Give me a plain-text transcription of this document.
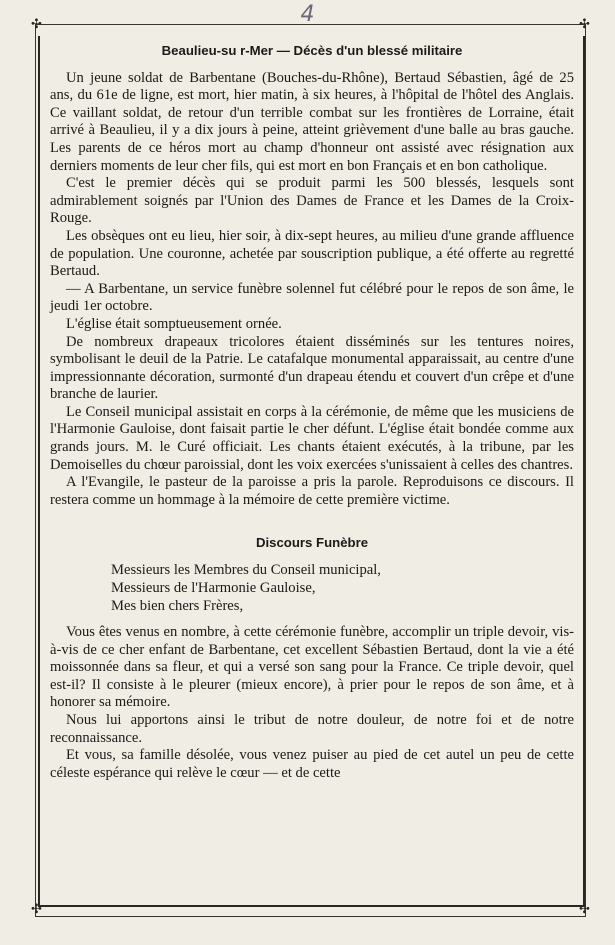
4
✣	✣
✣	✣
Beaulieu-su r-Mer — Décès d'un blessé militaire

Un jeune soldat de Barbentane (Bouches-du-Rhône), Bertaud Sébastien, âgé de 25 ans, du 61e de ligne, est mort, hier matin, à six heures, à l'hôpital de l'hôtel des Anglais. Ce vaillant soldat, de retour d'un terrible combat sur les frontières de Lorraine, était arrivé à Beaulieu, il y a dix jours à peine, atteint grièvement d'une balle au bras gauche. Les parents de ce héros mort au champ d'honneur ont assisté avec résignation aux derniers moments de leur cher fils, qui est mort en bon Français et en bon catholique.

C'est le premier décès qui se produit parmi les 500 blessés, lesquels sont admirablement soignés par l'Union des Dames de France et les Dames de la Croix-Rouge.

Les obsèques ont eu lieu, hier soir, à dix-sept heures, au milieu d'une grande affluence de population. Une couronne, achetée par souscription publique, a été offerte au regretté Bertaud.

— A Barbentane, un service funèbre solennel fut célébré pour le repos de son âme, le jeudi 1er octobre.

L'église était somptueusement ornée.

De nombreux drapeaux tricolores étaient disséminés sur les tentures noires, symbolisant le deuil de la Patrie. Le catafalque monumental apparaissait, au centre d'une impressionnante décoration, surmonté d'un drapeau étendu et couvert d'un crêpe et d'une branche de laurier.

Le Conseil municipal assistait en corps à la cérémonie, de même que les musiciens de l'Harmonie Gauloise, dont faisait partie le cher défunt. L'église était bondée comme aux grands jours. M. le Curé officiait. Les chants étaient exécutés, à la tribune, par les Demoiselles du chœur paroissial, dont les voix exercées s'unissaient à celles des chantres.

A l'Evangile, le pasteur de la paroisse a pris la parole. Reproduisons ce discours. Il restera comme un hommage à la mémoire de cette première victime.

Discours Funèbre
Messieurs les Membres du Conseil municipal,
Messieurs de l'Harmonie Gauloise,
Mes bien chers Frères,

Vous êtes venus en nombre, à cette cérémonie funèbre, accomplir un triple devoir, vis-à-vis de ce cher enfant de Barbentane, cet excellent Sébastien Bertaud, dont la vie a été moissonnée dans sa fleur, et qui a versé son sang pour la France. Ce triple devoir, quel est-il? Il consiste à le pleurer (mieux encore), à prier pour le repos de son âme, et à honorer sa mémoire.

Nous lui apportons ainsi le tribut de notre douleur, de notre foi et de notre reconnaissance.

Et vous, sa famille désolée, vous venez puiser au pied de cet autel un peu de cette céleste espérance qui relève le cœur — et de cette
